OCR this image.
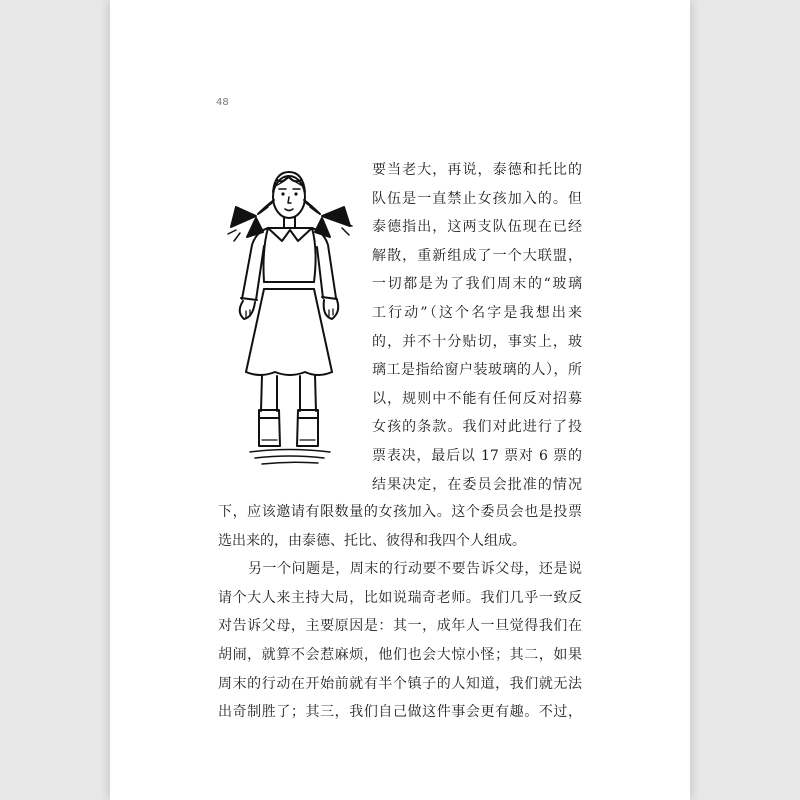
48
要当老大，再说，泰德和托比的
队伍是一直禁止女孩加入的。但
泰德指出，这两支队伍现在已经
解散，重新组成了一个大联盟，
一切都是为了我们周末的“玻璃
工行动”（这个名字是我想出来
的，并不十分贴切，事实上，玻
璃工是指给窗户装玻璃的人），所
以，规则中不能有任何反对招募
女孩的条款。我们对此进行了投
票表决，最后以 17 票对 6 票的
结果决定，在委员会批准的情况
下，应该邀请有限数量的女孩加入。这个委员会也是投票
选出来的，由泰德、托比、彼得和我四个人组成。
另一个问题是，周末的行动要不要告诉父母，还是说
请个大人来主持大局，比如说瑞奇老师。我们几乎一致反
对告诉父母，主要原因是：其一，成年人一旦觉得我们在
胡闹，就算不会惹麻烦，他们也会大惊小怪；其二，如果
周末的行动在开始前就有半个镇子的人知道，我们就无法
出奇制胜了；其三，我们自己做这件事会更有趣。不过，
